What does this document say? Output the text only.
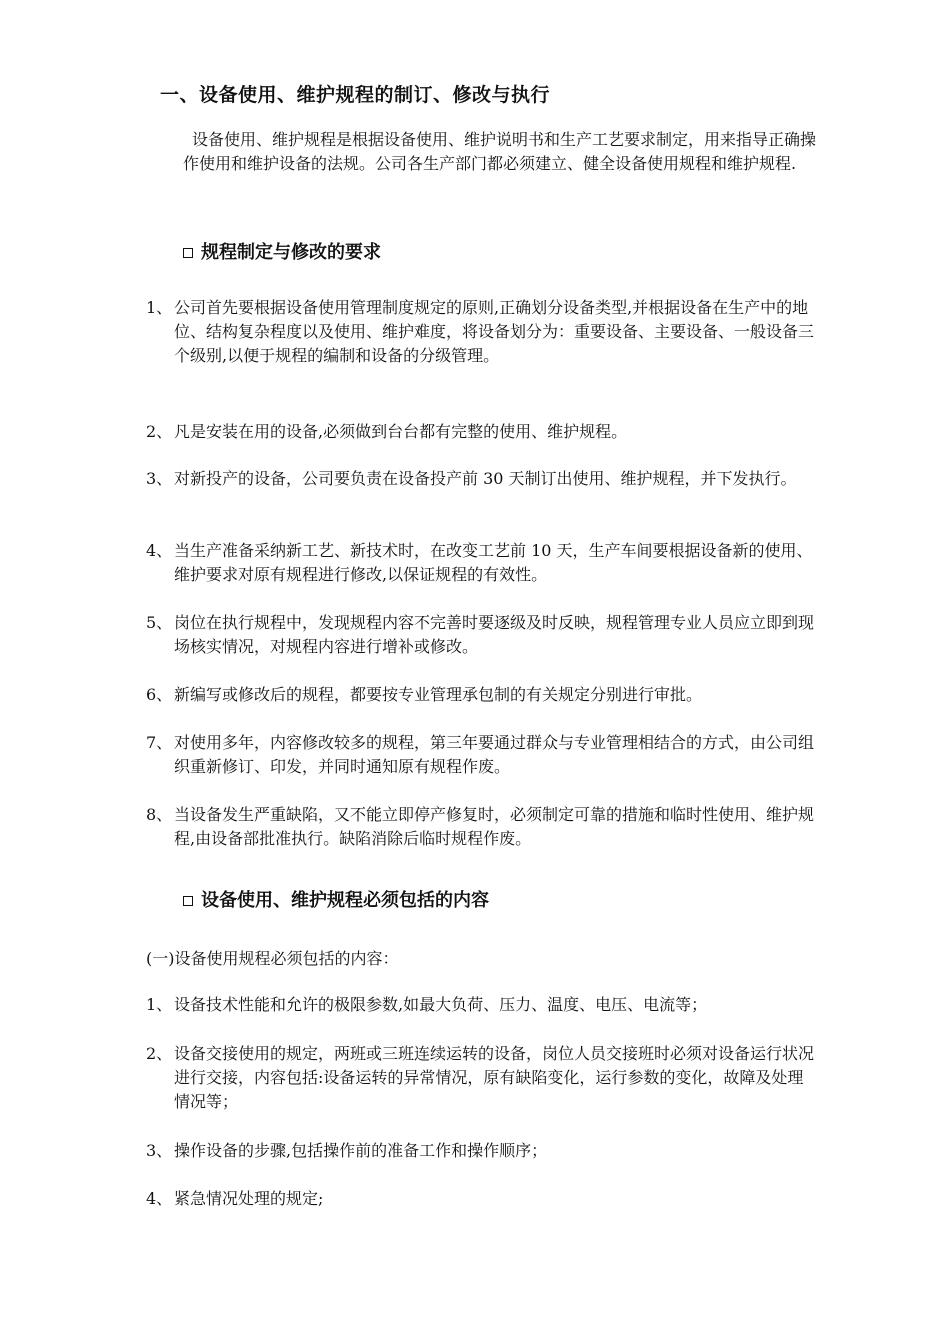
一、设备使用、维护规程的制订、修改与执行
设备使用、维护规程是根据设备使用、维护说明书和生产工艺要求制定，用来指导正确操作使用和维护设备的法规。公司各生产部门都必须建立、健全设备使用规程和维护规程.
规程制定与修改的要求
1、 公司首先要根据设备使用管理制度规定的原则,正确划分设备类型,并根据设备在生产中的地位、结构复杂程度以及使用、维护难度，将设备划分为：重要设备、主要设备、一般设备三个级别,以便于规程的编制和设备的分级管理。
2、 凡是安装在用的设备,必须做到台台都有完整的使用、维护规程。
3、 对新投产的设备，公司要负责在设备投产前 30 天制订出使用、维护规程，并下发执行。
4、 当生产准备采纳新工艺、新技术时，在改变工艺前 10 天，生产车间要根据设备新的使用、维护要求对原有规程进行修改,以保证规程的有效性。
5、 岗位在执行规程中，发现规程内容不完善时要逐级及时反映，规程管理专业人员应立即到现场核实情况，对规程内容进行增补或修改。
6、 新编写或修改后的规程，都要按专业管理承包制的有关规定分别进行审批。
7、 对使用多年，内容修改较多的规程，第三年要通过群众与专业管理相结合的方式，由公司组织重新修订、印发，并同时通知原有规程作废。
8、 当设备发生严重缺陷，又不能立即停产修复时，必须制定可靠的措施和临时性使用、维护规程,由设备部批准执行。缺陷消除后临时规程作废。
设备使用、维护规程必须包括的内容
(一)设备使用规程必须包括的内容：
1、 设备技术性能和允许的极限参数,如最大负荷、压力、温度、电压、电流等；
2、 设备交接使用的规定，两班或三班连续运转的设备，岗位人员交接班时必须对设备运行状况进行交接，内容包括:设备运转的异常情况，原有缺陷变化，运行参数的变化，故障及处理情况等；
3、 操作设备的步骤,包括操作前的准备工作和操作顺序；
4、 紧急情况处理的规定;
